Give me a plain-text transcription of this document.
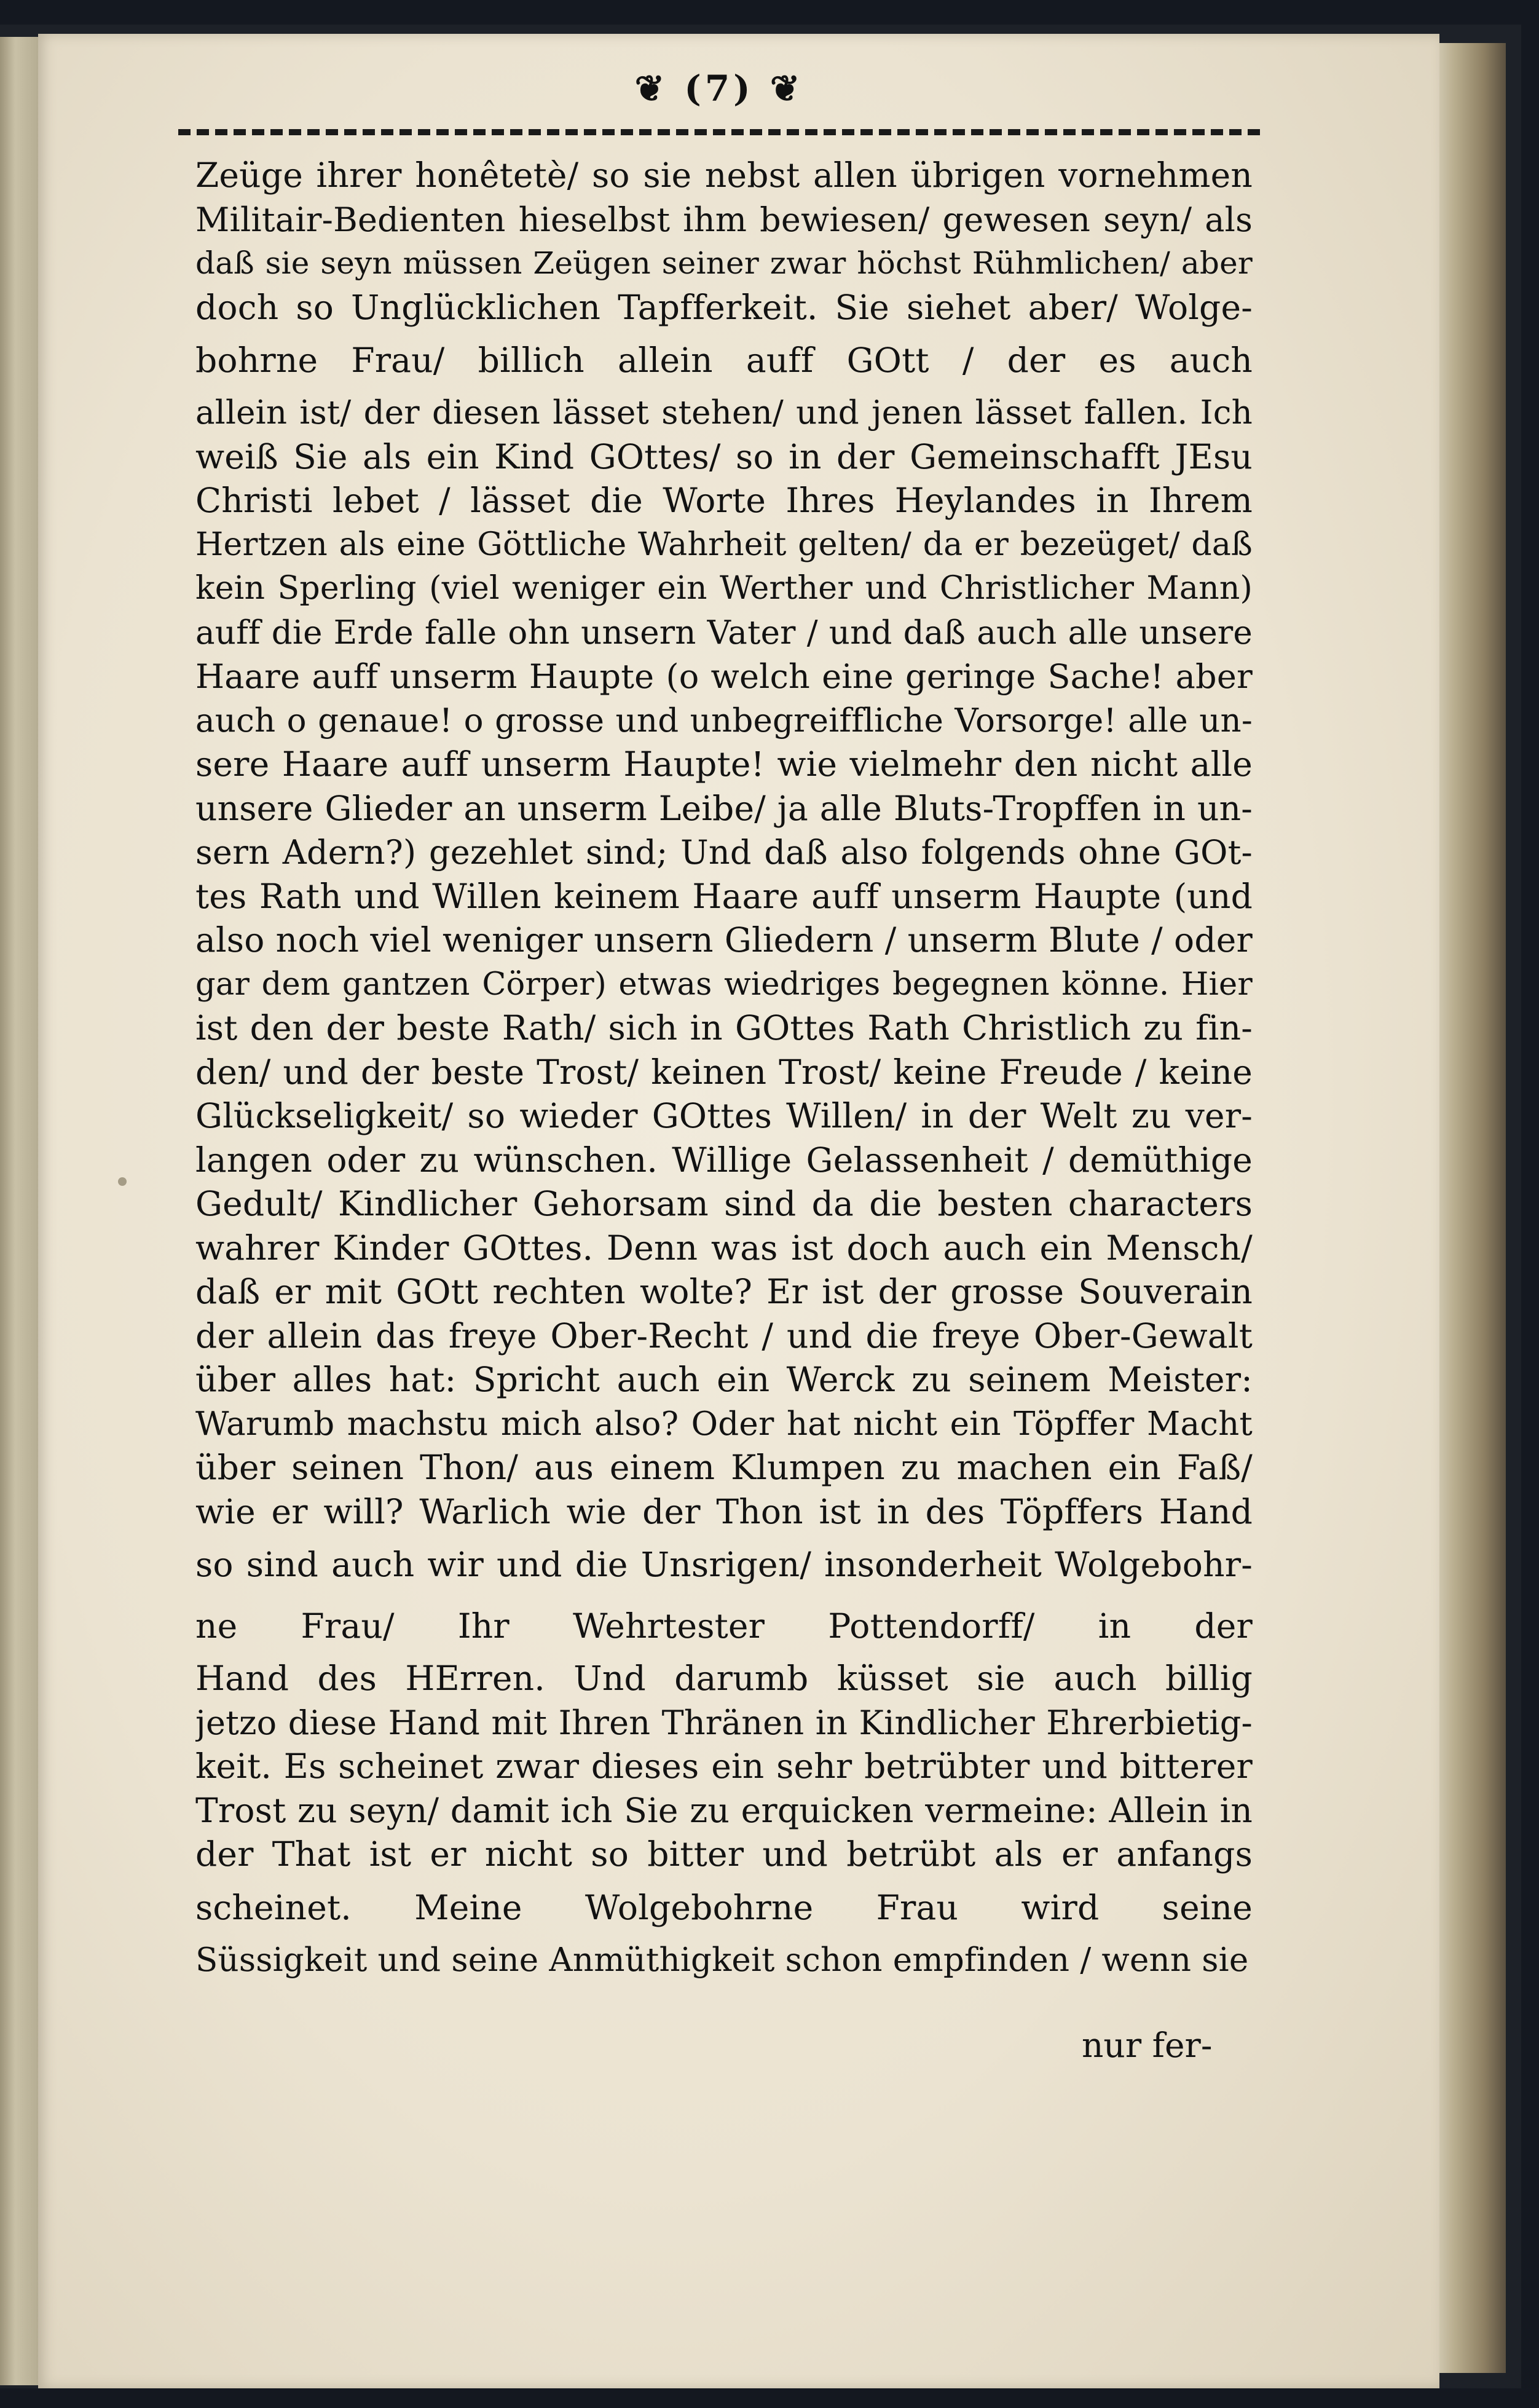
❦ (7) ❦
Zeüge ihrer honêtetè/ so sie nebst allen übrigen vornehmen
Militair-Bedienten hieselbst ihm bewiesen/ gewesen seyn/ als
daß sie seyn müssen Zeügen seiner zwar höchst Rühmlichen/ aber
doch so Unglücklichen Tapfferkeit. Sie siehet aber/ Wolge-
bohrne Frau/ billich allein auff GOtt / der es auch
allein ist/ der diesen lässet stehen/ und jenen lässet fallen. Ich
weiß Sie als ein Kind GOttes/ so in der Gemeinschafft JEsu
Christi lebet / lässet die Worte Ihres Heylandes in Ihrem
Hertzen als eine Göttliche Wahrheit gelten/ da er bezeüget/ daß
kein Sperling (viel weniger ein Werther und Christlicher Mann)
auff die Erde falle ohn unsern Vater / und daß auch alle unsere
Haare auff unserm Haupte (o welch eine geringe Sache! aber
auch o genaue! o grosse und unbegreiffliche Vorsorge! alle un-
sere Haare auff unserm Haupte! wie vielmehr den nicht alle
unsere Glieder an unserm Leibe/ ja alle Bluts-Tropffen in un-
sern Adern?) gezehlet sind; Und daß also folgends ohne GOt-
tes Rath und Willen keinem Haare auff unserm Haupte (und
also noch viel weniger unsern Gliedern / unserm Blute / oder
gar dem gantzen Cörper) etwas wiedriges begegnen könne. Hier
ist den der beste Rath/ sich in GOttes Rath Christlich zu fin-
den/ und der beste Trost/ keinen Trost/ keine Freude / keine
Glückseligkeit/ so wieder GOttes Willen/ in der Welt zu ver-
langen oder zu wünschen. Willige Gelassenheit / demüthige
Gedult/ Kindlicher Gehorsam sind da die besten characters
wahrer Kinder GOttes. Denn was ist doch auch ein Mensch/
daß er mit GOtt rechten wolte? Er ist der grosse Souverain
der allein das freye Ober-Recht / und die freye Ober-Gewalt
über alles hat: Spricht auch ein Werck zu seinem Meister:
Warumb machstu mich also? Oder hat nicht ein Töpffer Macht
über seinen Thon/ aus einem Klumpen zu machen ein Faß/
wie er will? Warlich wie der Thon ist in des Töpffers Hand
so sind auch wir und die Unsrigen/ insonderheit Wolgebohr-
ne Frau/ Ihr Wehrtester Pottendorff/ in der
Hand des HErren. Und darumb küsset sie auch billig
jetzo diese Hand mit Ihren Thränen in Kindlicher Ehrerbietig-
keit. Es scheinet zwar dieses ein sehr betrübter und bitterer
Trost zu seyn/ damit ich Sie zu erquicken vermeine: Allein in
der That ist er nicht so bitter und betrübt als er anfangs
scheinet. Meine Wolgebohrne Frau wird seine
Süssigkeit und seine Anmüthigkeit schon empfinden / wenn sie
nur fer-
